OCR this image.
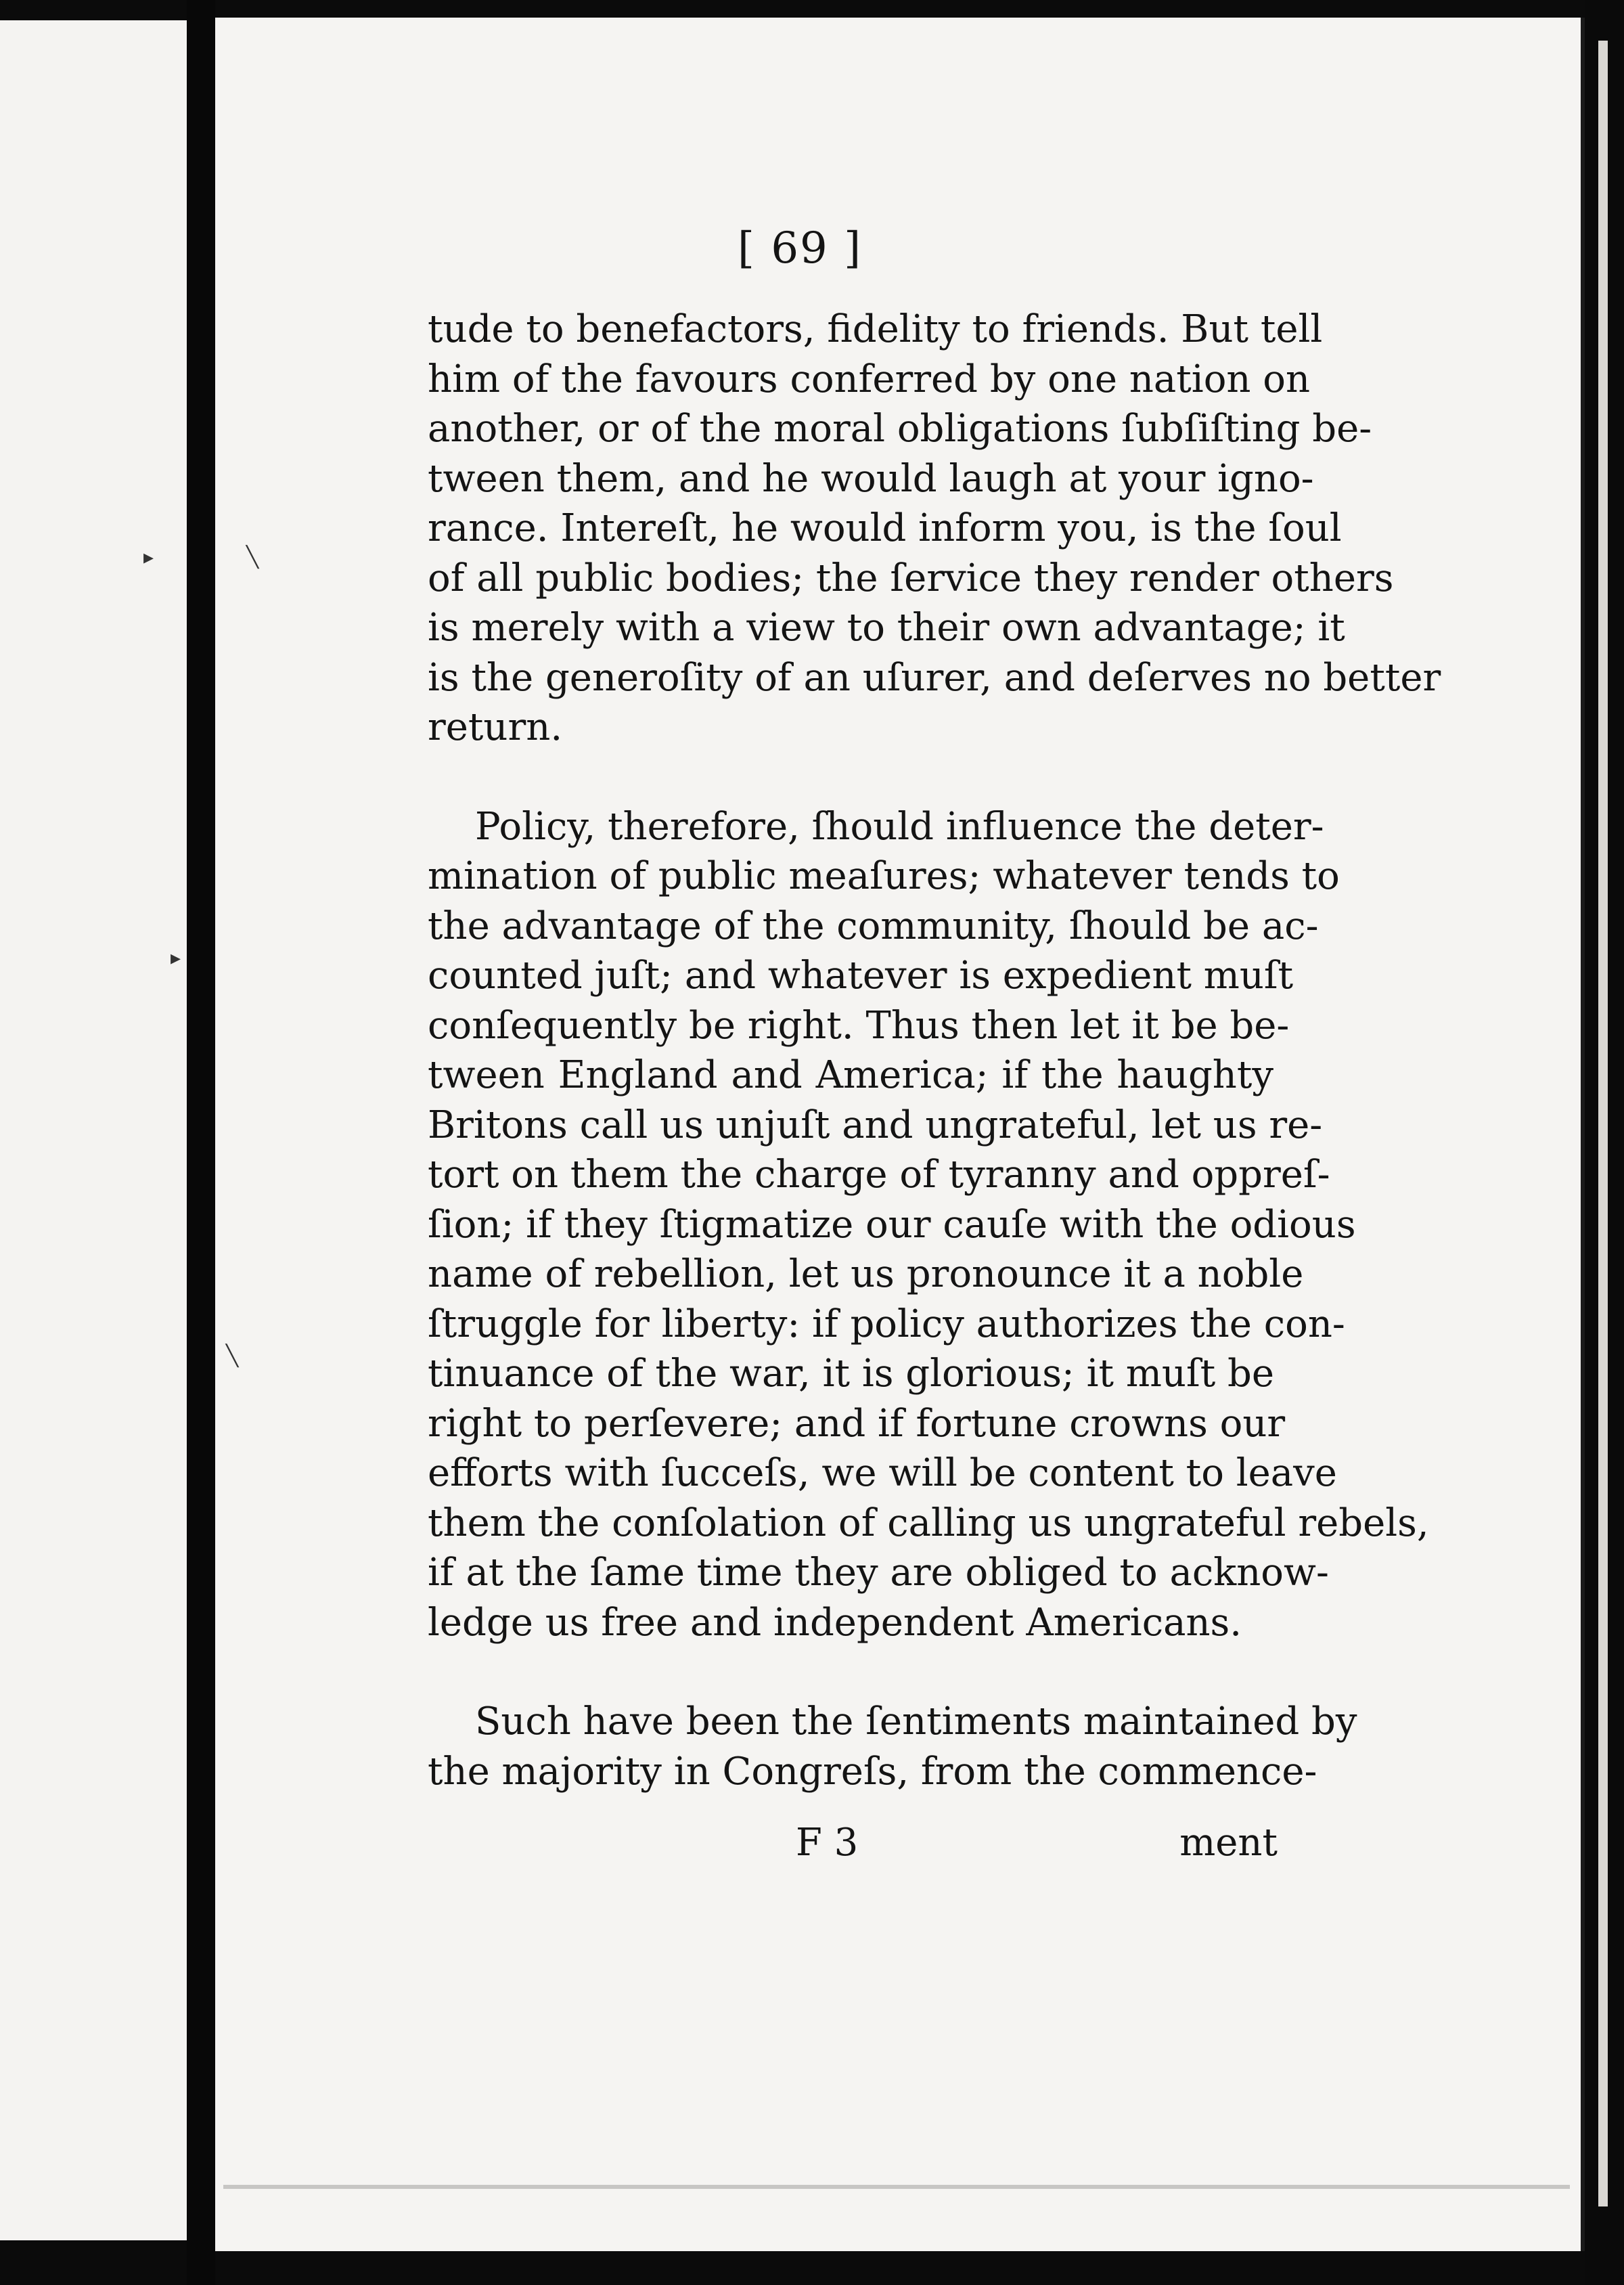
▸	╲
▸
╲
[ 69 ]
tude to benefactors, fidelity to friends. But tell
him of the favours conferred by one nation on
another, or of the moral obligations ſubſiſting be-
tween them, and he would laugh at your igno-
rance. Intereſt, he would inform you, is the ſoul
of all public bodies; the ſervice they render others
is merely with a view to their own advantage; it
is the generoſity of an uſurer, and deſerves no better
return.
Policy, therefore, ſhould influence the deter-
mination of public meaſures; whatever tends to
the advantage of the community, ſhould be ac-
counted juſt; and whatever is expedient muſt
conſequently be right. Thus then let it be be-
tween England and America; if the haughty
Britons call us unjuſt and ungrateful, let us re-
tort on them the charge of tyranny and oppreſ-
ſion; if they ſtigmatize our cauſe with the odious
name of rebellion, let us pronounce it a noble
ſtruggle for liberty: if policy authorizes the con-
tinuance of the war, it is glorious; it muſt be
right to perſevere; and if fortune crowns our
efforts with ſucceſs, we will be content to leave
them the conſolation of calling us ungrateful rebels,
if at the ſame time they are obliged to acknow-
ledge us free and independent Americans.
Such have been the ſentiments maintained by
the majority in Congreſs, from the commence-
F 3	ment
